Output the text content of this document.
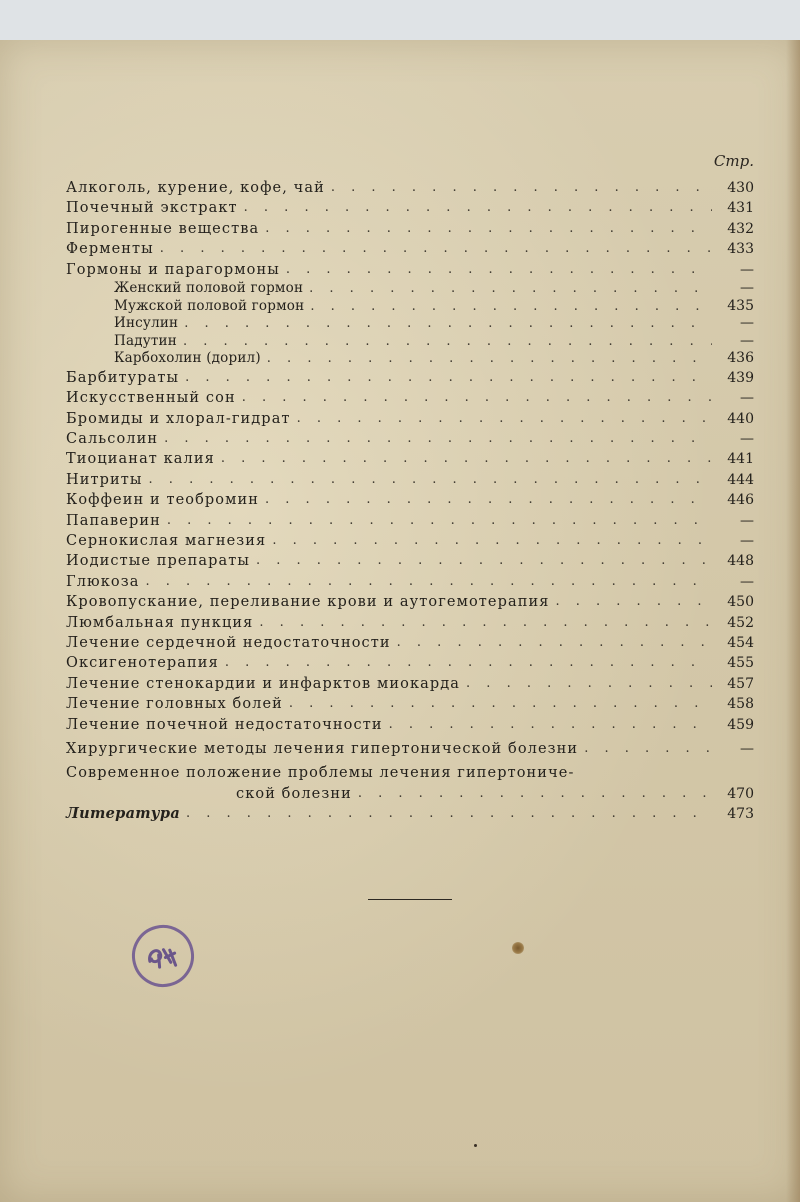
Стр.
Алкоголь, курение, кофе, чай . . .	430
Почечный экстракт . . .	431
Пирогенные вещества . . .	432
Ферменты . . .	433
Гормоны и парагормоны . . .	—
Женский половой гормон . . .	—
Мужской половой гормон . . .	435
Инсулин . . .	—
Падутин . . .	—
Карбохолин (дорил) . . .	436
Барбитураты . . .	439
Искусственный сон . . .	—
Бромиды и хлорал-гидрат . . .	440
Сальсолин . . .	—
Тиоцианат калия . . .	441
Нитриты . . .	444
Коффеин и теобромин . . .	446
Папаверин . . .	—
Сернокислая магнезия . . .	—
Иодистые препараты . . .	448
Глюкоза . . .	—
Кровопускание, переливание крови и аутогемотерапия . . .	450
Люмбальная пункция . . .	452
Лечение сердечной недостаточности . . .	454
Оксигенотерапия . . .	455
Лечение стенокардии и инфарктов миокарда . . .	457
Лечение головных болей . . .	458
Лечение почечной недостаточности . . .	459
Хирургические методы лечения гипертонической болезни . . .	—
Современное положение проблемы лечения гипертониче-
ской болезни . . .	470
Литература . . .	473
